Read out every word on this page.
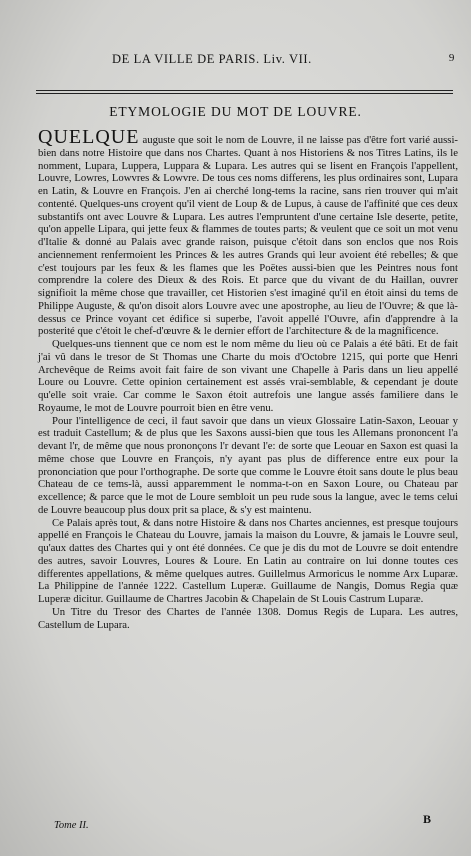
DE LA VILLE DE PARIS. Liv. VII.	9
ETYMOLOGIE DU MOT DE LOUVRE.

QUELQUE auguste que soit le nom de Louvre, il ne laisse pas d'être fort varié aussi-bien dans notre Histoire que dans nos Chartes. Quant à nos Historiens & nos Titres Latins, ils le nomment, Lupara, Luppera, Luppara & Lupara. Les autres qui se lisent en François l'appellent, Louvre, Lowres, Lowvres & Lowvre. De tous ces noms differens, les plus ordinaires sont, Lupara en Latin, & Louvre en François. J'en ai cherché long-tems la racine, sans rien trouver qui m'ait contenté. Quelques-uns croyent qu'il vient de Loup & de Lupus, à cause de l'affinité que ces deux substantifs ont avec Louvre & Lupara. Les autres l'empruntent d'une certaine Isle deserte, petite, qu'on appelle Lipara, qui jette feux & flammes de toutes parts; & veulent que ce soit un mot venu d'Italie & donné au Palais avec grande raison, puisque c'étoit dans son enclos que nos Rois anciennement renfermoient les Princes & les autres Grands qui leur avoient été rebelles; & que c'est toujours par les feux & les flames que les Poëtes aussi-bien que les Peintres nous font comprendre la colere des Dieux & des Rois. Et parce que du vivant de du Haillan, ouvrer signifioit la même chose que travailler, cet Historien s'est imaginé qu'il en étoit ainsi du tems de Philippe Auguste, & qu'on disoit alors Louvre avec une apostrophe, au lieu de l'Ouvre; & que là-dessus ce Prince voyant cet édifice si superbe, l'avoit appellé l'Ouvre, afin d'apprendre à la posterité que c'étoit le chef-d'œuvre & le dernier effort de l'architecture & de la magnificence.

Quelques-uns tiennent que ce nom est le nom même du lieu où ce Palais a été bâti. Et de fait j'ai vû dans le tresor de St Thomas une Charte du mois d'Octobre 1215, qui porte que Henri Archevêque de Reims avoit fait faire de son vivant une Chapelle à Paris dans un lieu appellé Loure ou Louvre. Cette opinion certainement est assés vrai-semblable, & cependant je doute qu'elle soit vraie. Car comme le Saxon étoit autrefois une langue assés familiere dans le Royaume, le mot de Louvre pourroit bien en être venu.

Pour l'intelligence de ceci, il faut savoir que dans un vieux Glossaire Latin-Saxon, Leouar y est traduit Castellum; & de plus que les Saxons aussi-bien que tous les Allemans prononcent l'a devant l'r, de même que nous prononçons l'r devant l'e: de sorte que Leouar en Saxon est quasi la même chose que Louvre en François, n'y ayant pas plus de difference entre eux pour la prononciation que pour l'orthographe. De sorte que comme le Louvre étoit sans doute le plus beau Chateau de ce tems-là, aussi apparemment le nomma-t-on en Saxon Loure, ou Chateau par excellence; & parce que le mot de Loure sembloit un peu rude sous la langue, avec le tems celui de Louvre beaucoup plus doux prit sa place, & s'y est maintenu.

Ce Palais après tout, & dans notre Histoire & dans nos Chartes anciennes, est presque toujours appellé en François le Chateau du Louvre, jamais la maison du Louvre, & jamais le Louvre seul, qu'aux dattes des Chartes qui y ont été données. Ce que je dis du mot de Louvre se doit entendre des autres, savoir Louvres, Loures & Loure. En Latin au contraire on lui donne toutes ces differentes appellations, & même quelques autres. Guillelmus Armoricus le nomme Arx Luparæ. La Philippine de l'année 1222. Castellum Luperæ. Guillaume de Nangis, Domus Regia quæ Luperæ dicitur. Guillaume de Chartres Jacobin & Chapelain de St Louis Castrum Luparæ.

Un Titre du Tresor des Chartes de l'année 1308. Domus Regis de Lupara. Les autres, Castellum de Lupara.

Tome II.	B
